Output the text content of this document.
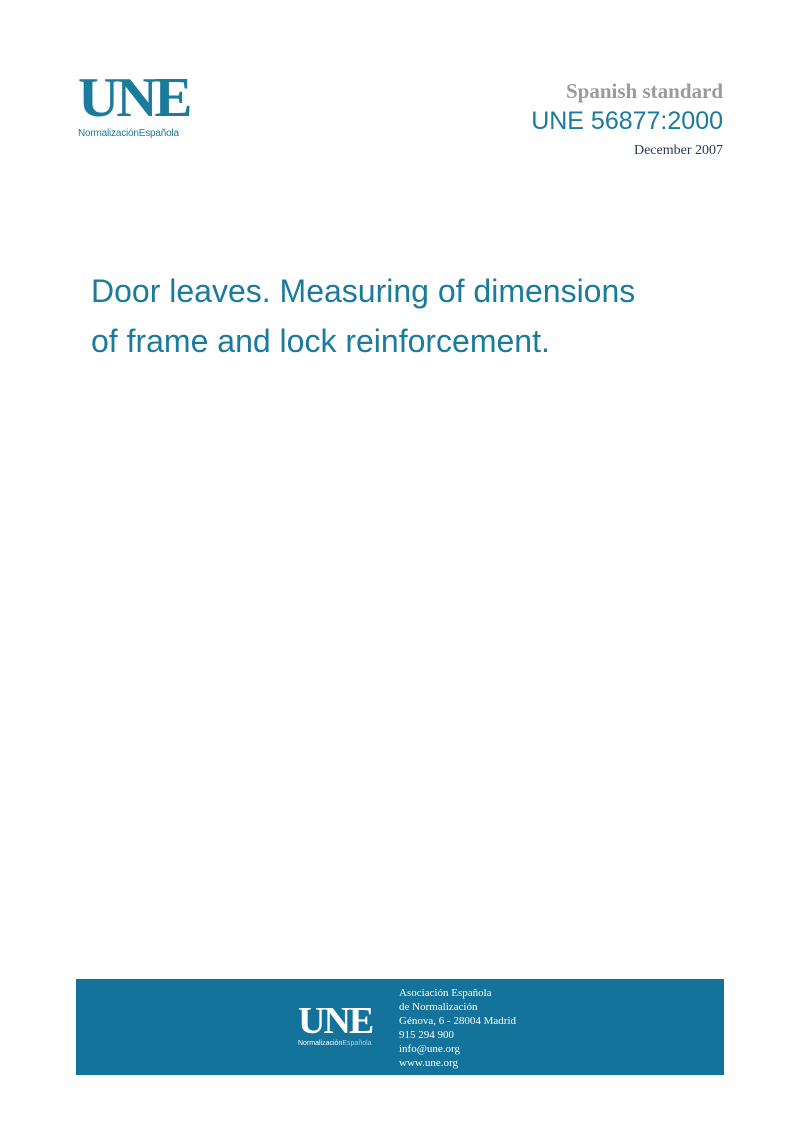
UNE
NormalizaciónEspañola
Spanish standard
UNE 56877:2000
December 2007
Door leaves. Measuring of dimensions
of frame and lock reinforcement.
UNE
NormalizaciónEspañola
Asociación Española
de Normalización
Génova, 6 - 28004 Madrid
915 294 900
info@une.org
www.une.org
